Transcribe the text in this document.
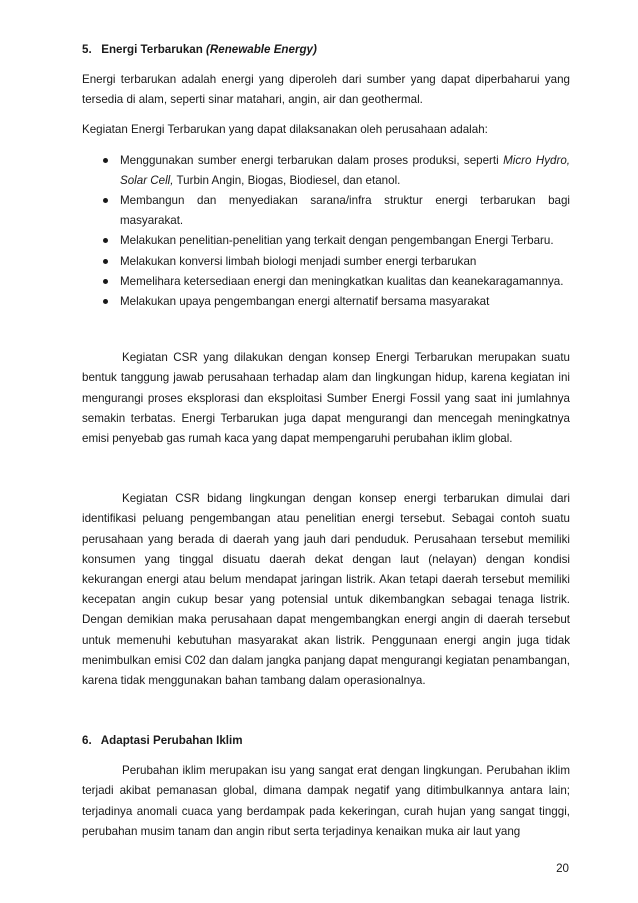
5. Energi Terbarukan (Renewable Energy)

Energi terbarukan adalah energi yang diperoleh dari sumber yang dapat diperbaharui yang tersedia di alam, seperti sinar matahari, angin, air dan geothermal.

Kegiatan Energi Terbarukan yang dapat dilaksanakan oleh perusahaan adalah:

Menggunakan sumber energi terbarukan dalam proses produksi, seperti Micro Hydro, Solar Cell, Turbin Angin, Biogas, Biodiesel, dan etanol.
Membangun dan menyediakan sarana/infra struktur energi terbarukan bagi masyarakat.
Melakukan penelitian-penelitian yang terkait dengan pengembangan Energi Terbaru.
Melakukan konversi limbah biologi menjadi sumber energi terbarukan
Memelihara ketersediaan energi dan meningkatkan kualitas dan keanekaragamannya.
Melakukan upaya pengembangan energi alternatif bersama masyarakat

Kegiatan CSR yang dilakukan dengan konsep Energi Terbarukan merupakan suatu bentuk tanggung jawab perusahaan terhadap alam dan lingkungan hidup, karena kegiatan ini mengurangi proses eksplorasi dan eksploitasi Sumber Energi Fossil yang saat ini jumlahnya semakin terbatas. Energi Terbarukan juga dapat mengurangi dan mencegah meningkatnya emisi penyebab gas rumah kaca yang dapat mempengaruhi perubahan iklim global.

Kegiatan CSR bidang lingkungan dengan konsep energi terbarukan dimulai dari identifikasi peluang pengembangan atau penelitian energi tersebut. Sebagai contoh suatu perusahaan yang berada di daerah yang jauh dari penduduk. Perusahaan tersebut memiliki konsumen yang tinggal disuatu daerah dekat dengan laut (nelayan) dengan kondisi kekurangan energi atau belum mendapat jaringan listrik. Akan tetapi daerah tersebut memiliki kecepatan angin cukup besar yang potensial untuk dikembangkan sebagai tenaga listrik. Dengan demikian maka perusahaan dapat mengembangkan energi angin di daerah tersebut untuk memenuhi kebutuhan masyarakat akan listrik. Penggunaan energi angin juga tidak menimbulkan emisi C02 dan dalam jangka panjang dapat mengurangi kegiatan penambangan, karena tidak menggunakan bahan tambang dalam operasionalnya.

6. Adaptasi Perubahan Iklim

Perubahan iklim merupakan isu yang sangat erat dengan lingkungan. Perubahan iklim terjadi akibat pemanasan global, dimana dampak negatif yang ditimbulkannya antara lain; terjadinya anomali cuaca yang berdampak pada kekeringan, curah hujan yang sangat tinggi, perubahan musim tanam dan angin ribut serta terjadinya kenaikan muka air laut yang

20
